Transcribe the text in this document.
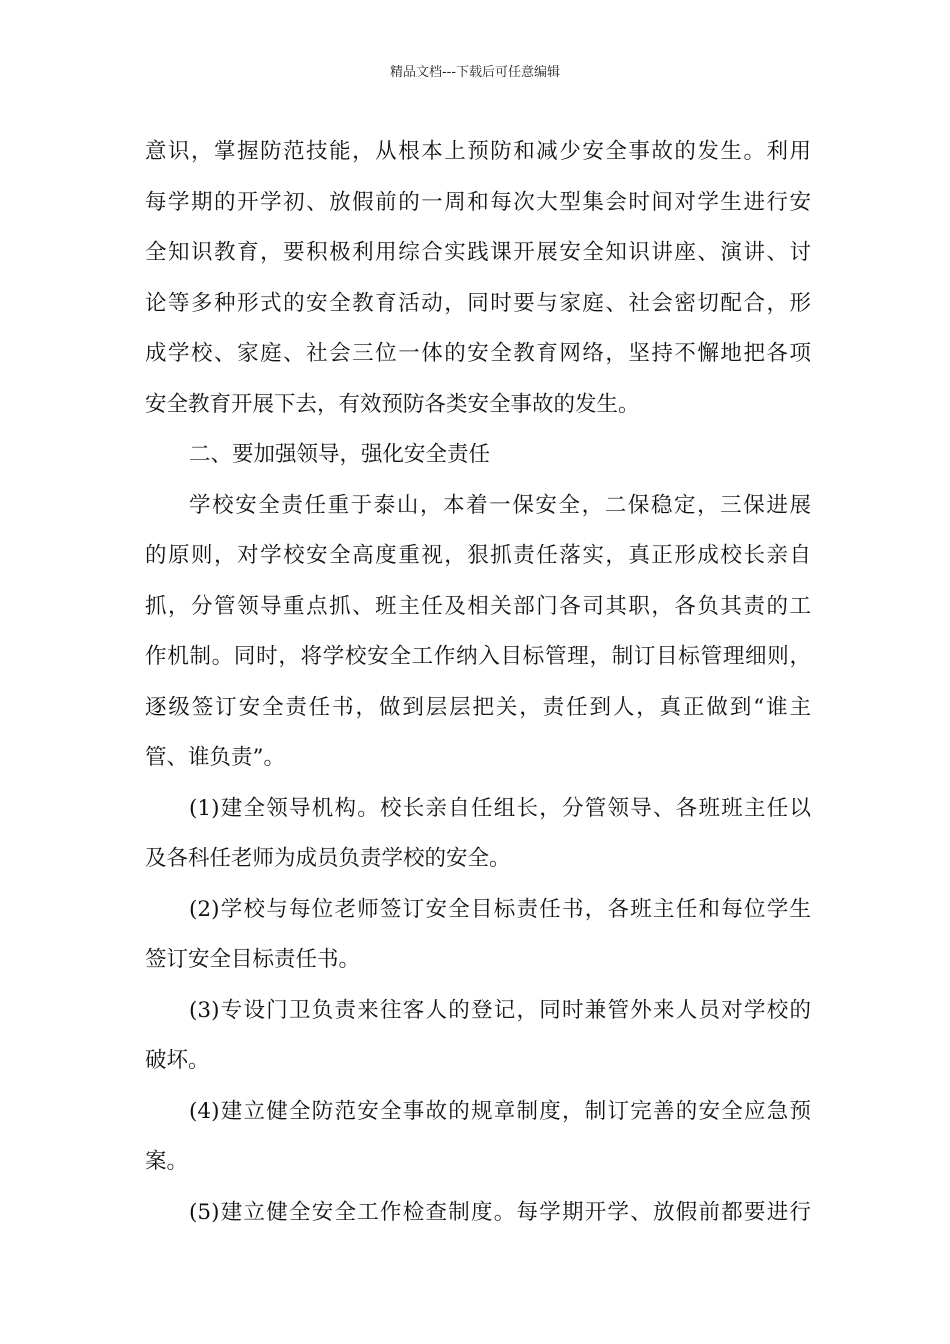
精品文档---下载后可任意编辑
意识，掌握防范技能，从根本上预防和减少安全事故的发生。利用
每学期的开学初、放假前的一周和每次大型集会时间对学生进行安
全知识教育，要积极利用综合实践课开展安全知识讲座、演讲、讨
论等多种形式的安全教育活动，同时要与家庭、社会密切配合，形
成学校、家庭、社会三位一体的安全教育网络，坚持不懈地把各项
安全教育开展下去，有效预防各类安全事故的发生。
二、要加强领导，强化安全责任
学校安全责任重于泰山，本着一保安全，二保稳定，三保进展
的原则，对学校安全高度重视，狠抓责任落实，真正形成校长亲自
抓，分管领导重点抓、班主任及相关部门各司其职，各负其责的工
作机制。同时，将学校安全工作纳入目标管理，制订目标管理细则，
逐级签订安全责任书，做到层层把关，责任到人，真正做到“谁主
管、谁负责”。
(1)建全领导机构。校长亲自任组长，分管领导、各班班主任以
及各科任老师为成员负责学校的安全。
(2)学校与每位老师签订安全目标责任书，各班主任和每位学生
签订安全目标责任书。
(3)专设门卫负责来往客人的登记，同时兼管外来人员对学校的
破坏。
(4)建立健全防范安全事故的规章制度，制订完善的安全应急预
案。
(5)建立健全安全工作检查制度。每学期开学、放假前都要进行
